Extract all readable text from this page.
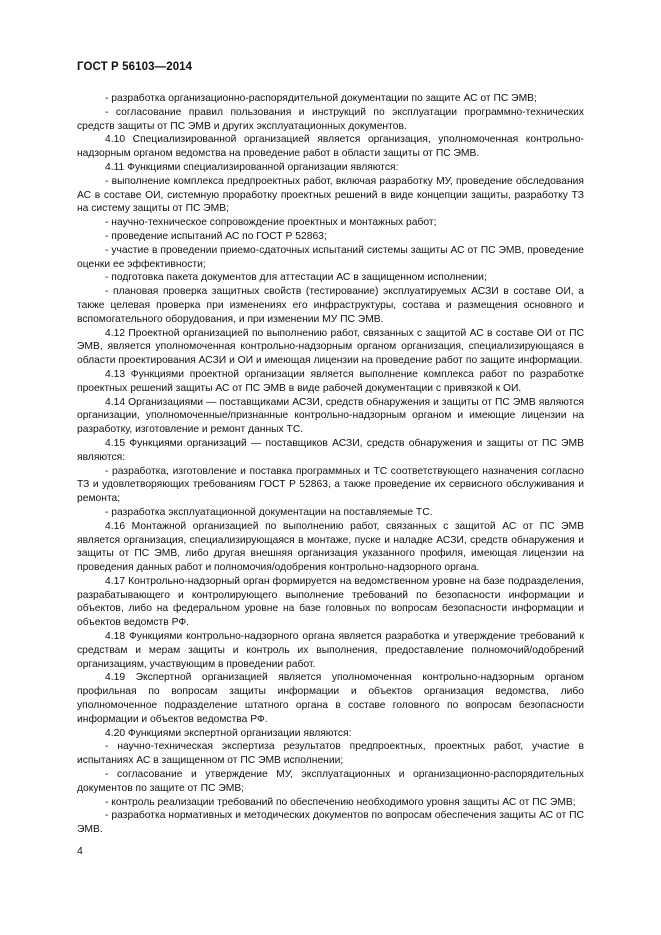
ГОСТ Р 56103—2014

- разработка организационно-распорядительной документации по защите АС от ПС ЭМВ;

- согласование правил пользования и инструкций по эксплуатации программно-технических средств защиты от ПС ЭМВ и других эксплуатационных документов.

4.10 Специализированной организацией является организация, уполномоченная контрольно-надзорным органом ведомства на проведение работ в области защиты от ПС ЭМВ.

4.11 Функциями специализированной организации являются:

- выполнение комплекса предпроектных работ, включая разработку МУ, проведение обследования АС в составе ОИ, системную проработку проектных решений в виде концепции защиты, разработку ТЗ на систему защиты от ПС ЭМВ;

- научно-техническое сопровождение проектных и монтажных работ;

- проведение испытаний АС по ГОСТ Р 52863;

- участие в проведении приемо-сдаточных испытаний системы защиты АС от ПС ЭМВ, проведение оценки ее эффективности;

- подготовка пакета документов для аттестации АС в защищенном исполнении;

- плановая проверка защитных свойств (тестирование) эксплуатируемых АСЗИ в составе ОИ, а также целевая проверка при изменениях его инфраструктуры, состава и размещения основного и вспомогательного оборудования, и при изменении МУ ПС ЭМВ.

4.12 Проектной организацией по выполнению работ, связанных с защитой АС в составе ОИ от ПС ЭМВ, является уполномоченная контрольно-надзорным органом организация, специализирующаяся в области проектирования АСЗИ и ОИ и имеющая лицензии на проведение работ по защите информации.

4.13 Функциями проектной организации является выполнение комплекса работ по разработке проектных решений защиты АС от ПС ЭМВ в виде рабочей документации с привязкой к ОИ.

4.14 Организациями — поставщиками АСЗИ, средств обнаружения и защиты от ПС ЭМВ являются организации, уполномоченные/признанные контрольно-надзорным органом и имеющие лицензии на разработку, изготовление и ремонт данных ТС.

4.15 Функциями организаций — поставщиков АСЗИ, средств обнаружения и защиты от ПС ЭМВ являются:

- разработка, изготовление и поставка программных и ТС соответствующего назначения согласно ТЗ и удовлетворяющих требованиям ГОСТ Р 52863, а также проведение их сервисного обслуживания и ремонта;

- разработка эксплуатационной документации на поставляемые ТС.

4.16 Монтажной организацией по выполнению работ, связанных с защитой АС от ПС ЭМВ является организация, специализирующаяся в монтаже, пуске и наладке АСЗИ, средств обнаружения и защиты от ПС ЭМВ, либо другая внешняя организация указанного профиля, имеющая лицензии на проведения данных работ и полномочия/одобрения контрольно-надзорного органа.

4.17 Контрольно-надзорный орган формируется на ведомственном уровне на базе подразделения, разрабатывающего и контролирующего выполнение требований по безопасности информации и объектов, либо на федеральном уровне на базе головных по вопросам безопасности информации и объектов ведомств РФ.

4.18 Функциями контрольно-надзорного органа является разработка и утверждение требований к средствам и мерам защиты и контроль их выполнения, предоставление полномочий/одобрений организациям, участвующим в проведении работ.

4.19 Экспертной организацией является уполномоченная контрольно-надзорным органом профильная по вопросам защиты информации и объектов организация ведомства, либо уполномоченное подразделение штатного органа в составе головного по вопросам безопасности информации и объектов ведомства РФ.

4.20 Функциями экспертной организации являются:

- научно-техническая экспертиза результатов предпроектных, проектных работ, участие в испытаниях АС в защищенном от ПС ЭМВ исполнении;

- согласование и утверждение МУ, эксплуатационных и организационно-распорядительных документов по защите от ПС ЭМВ;

- контроль реализации требований по обеспечению необходимого уровня защиты АС от ПС ЭМВ;

- разработка нормативных и методических документов по вопросам обеспечения защиты АС от ПС ЭМВ.

4
